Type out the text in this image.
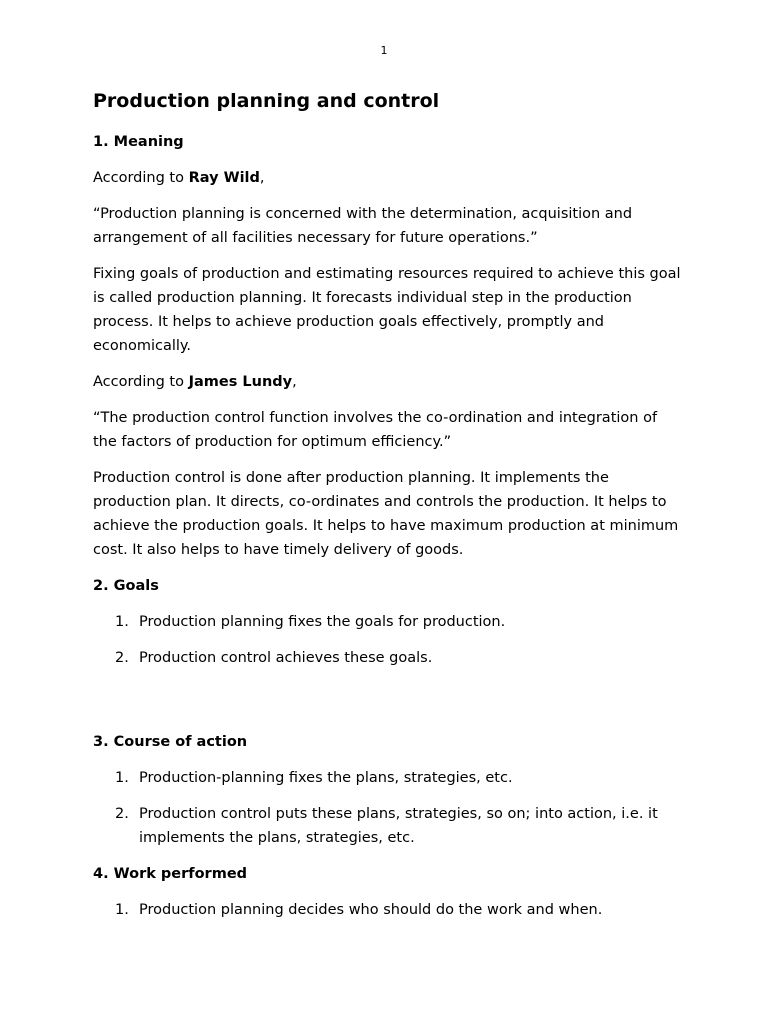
1
Production planning and control
1. Meaning
According to Ray Wild,
“Production planning is concerned with the determination, acquisition and arrangement of all facilities necessary for future operations.”
Fixing goals of production and estimating resources required to achieve this goal is called production planning. It forecasts individual step in the production process. It helps to achieve production goals effectively, promptly and economically.
According to James Lundy,
“The production control function involves the co-ordination and integration of the factors of production for optimum efficiency.”
Production control is done after production planning. It implements the production plan. It directs, co-ordinates and controls the production. It helps to achieve the production goals. It helps to have maximum production at minimum cost. It also helps to have timely delivery of goods.
2. Goals
1. Production planning fixes the goals for production.
2. Production control achieves these goals.
3. Course of action
1. Production-planning fixes the plans, strategies, etc.
2. Production control puts these plans, strategies, so on; into action, i.e. it implements the plans, strategies, etc.
4. Work performed
1. Production planning decides who should do the work and when.
